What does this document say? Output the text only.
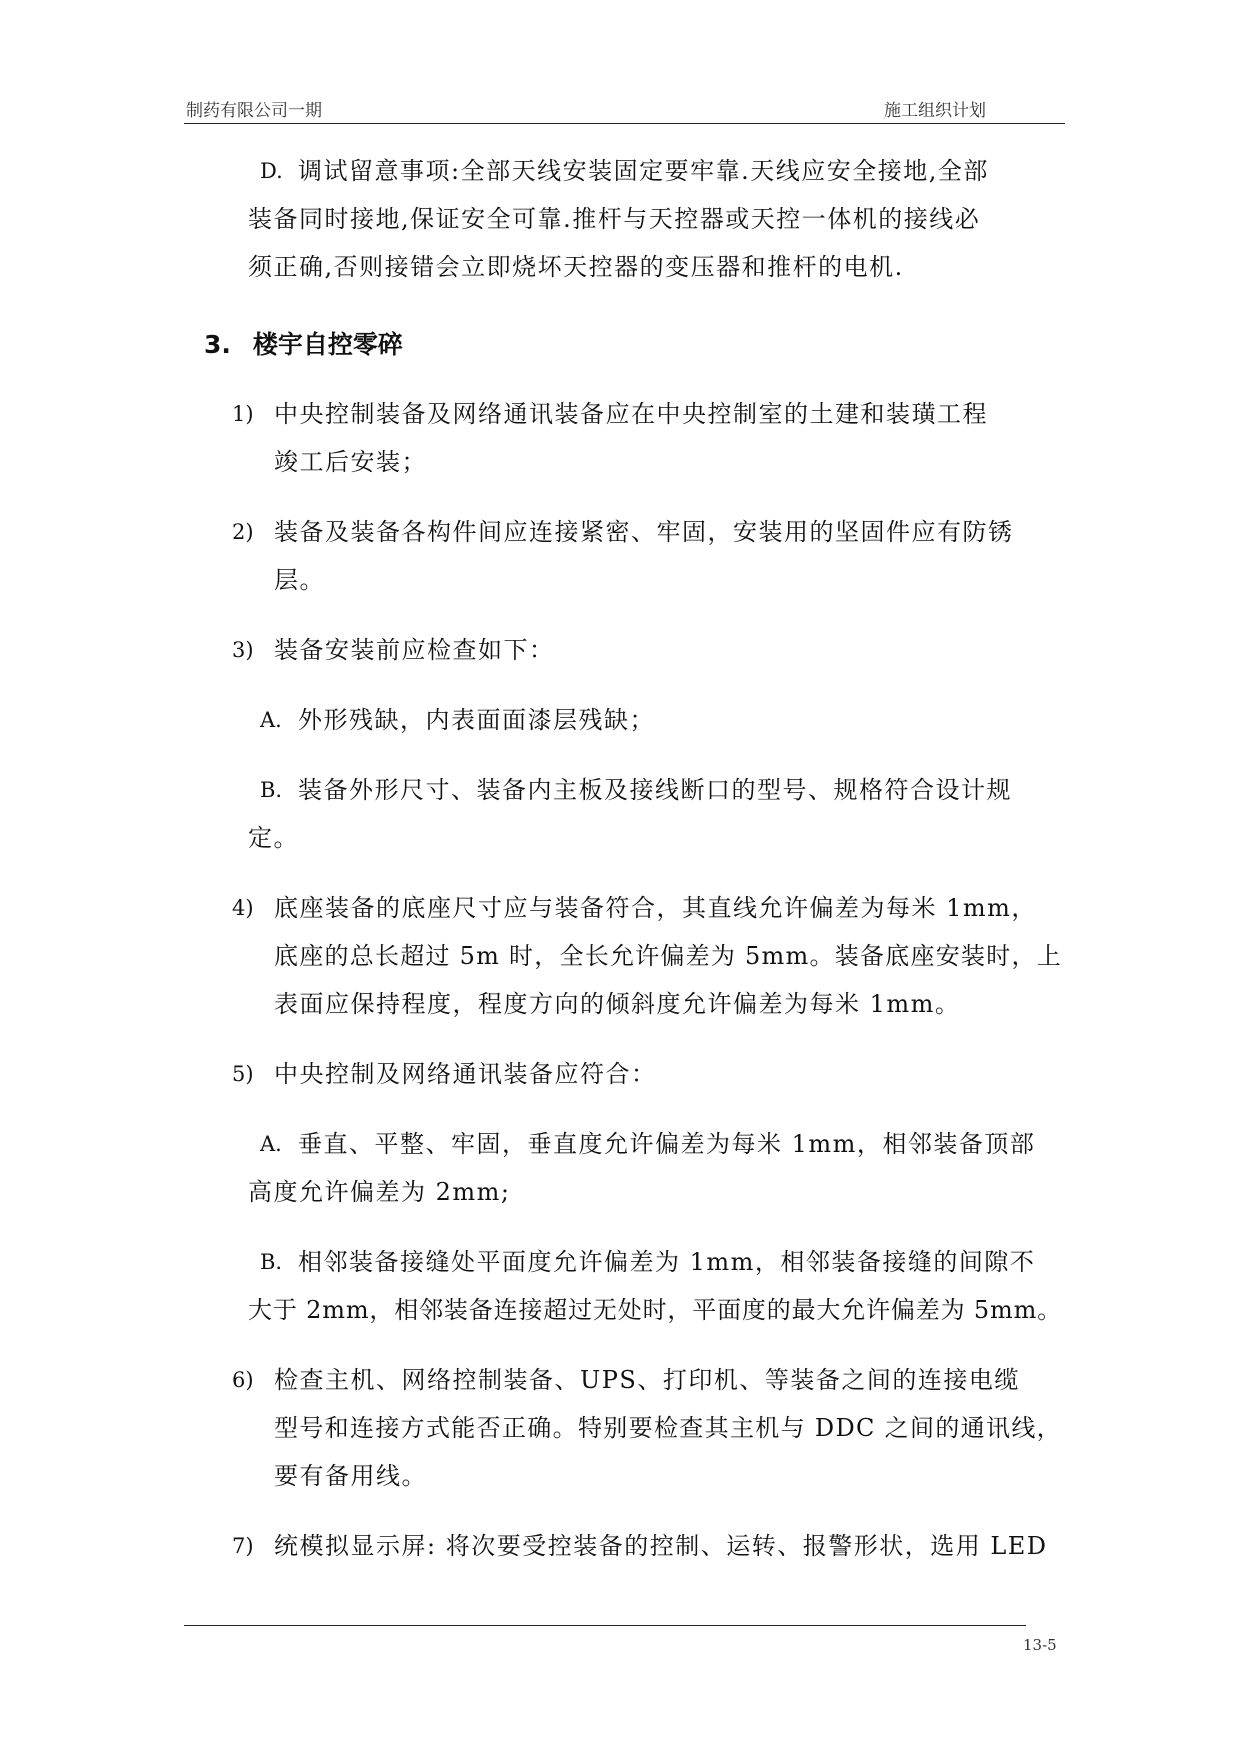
制药有限公司一期	施工组织计划
D. 调试留意事项:全部天线安装固定要牢靠.天线应安全接地,全部
装备同时接地,保证安全可靠.推杆与天控器或天控一体机的接线必
须正确,否则接错会立即烧坏天控器的变压器和推杆的电机.
3. 楼宇自控零碎
1) 中央控制装备及网络通讯装备应在中央控制室的土建和装璜工程
竣工后安装；
2) 装备及装备各构件间应连接紧密、牢固，安装用的坚固件应有防锈
层。
3) 装备安装前应检查如下：
A. 外形残缺，内表面面漆层残缺；
B. 装备外形尺寸、装备内主板及接线断口的型号、规格符合设计规
定。
4) 底座装备的底座尺寸应与装备符合，其直线允许偏差为每米 1mm，
底座的总长超过 5m 时，全长允许偏差为 5mm。装备底座安装时，上
表面应保持程度，程度方向的倾斜度允许偏差为每米 1mm。
5) 中央控制及网络通讯装备应符合：
A. 垂直、平整、牢固，垂直度允许偏差为每米 1mm，相邻装备顶部
高度允许偏差为 2mm;
B. 相邻装备接缝处平面度允许偏差为 1mm，相邻装备接缝的间隙不
大于 2mm，相邻装备连接超过无处时，平面度的最大允许偏差为 5mm。
6) 检查主机、网络控制装备、UPS、打印机、等装备之间的连接电缆
型号和连接方式能否正确。特别要检查其主机与 DDC 之间的通讯线，
要有备用线。
7) 统模拟显示屏: 将次要受控装备的控制、运转、报警形状，选用 LED
13-5
